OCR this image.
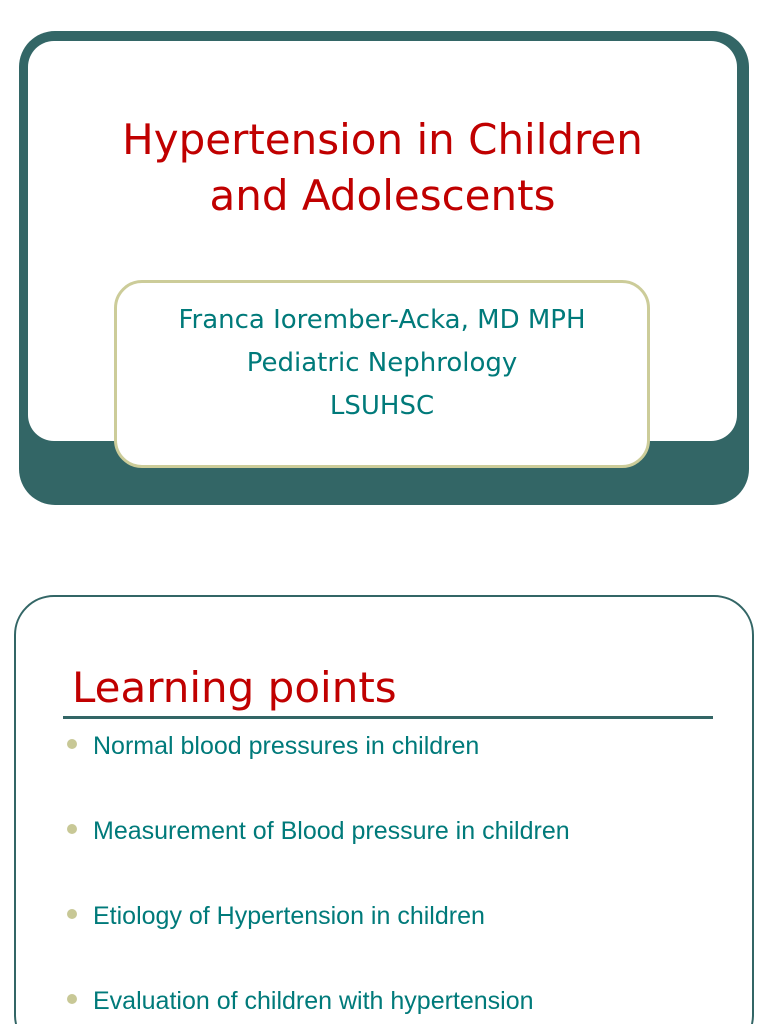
Hypertension in Children
and Adolescents
Franca Iorember-Acka, MD MPH
Pediatric Nephrology
LSUHSC
Learning points
Normal blood pressures in children
Measurement of Blood pressure in children
Etiology of Hypertension in children
Evaluation of children with hypertension
